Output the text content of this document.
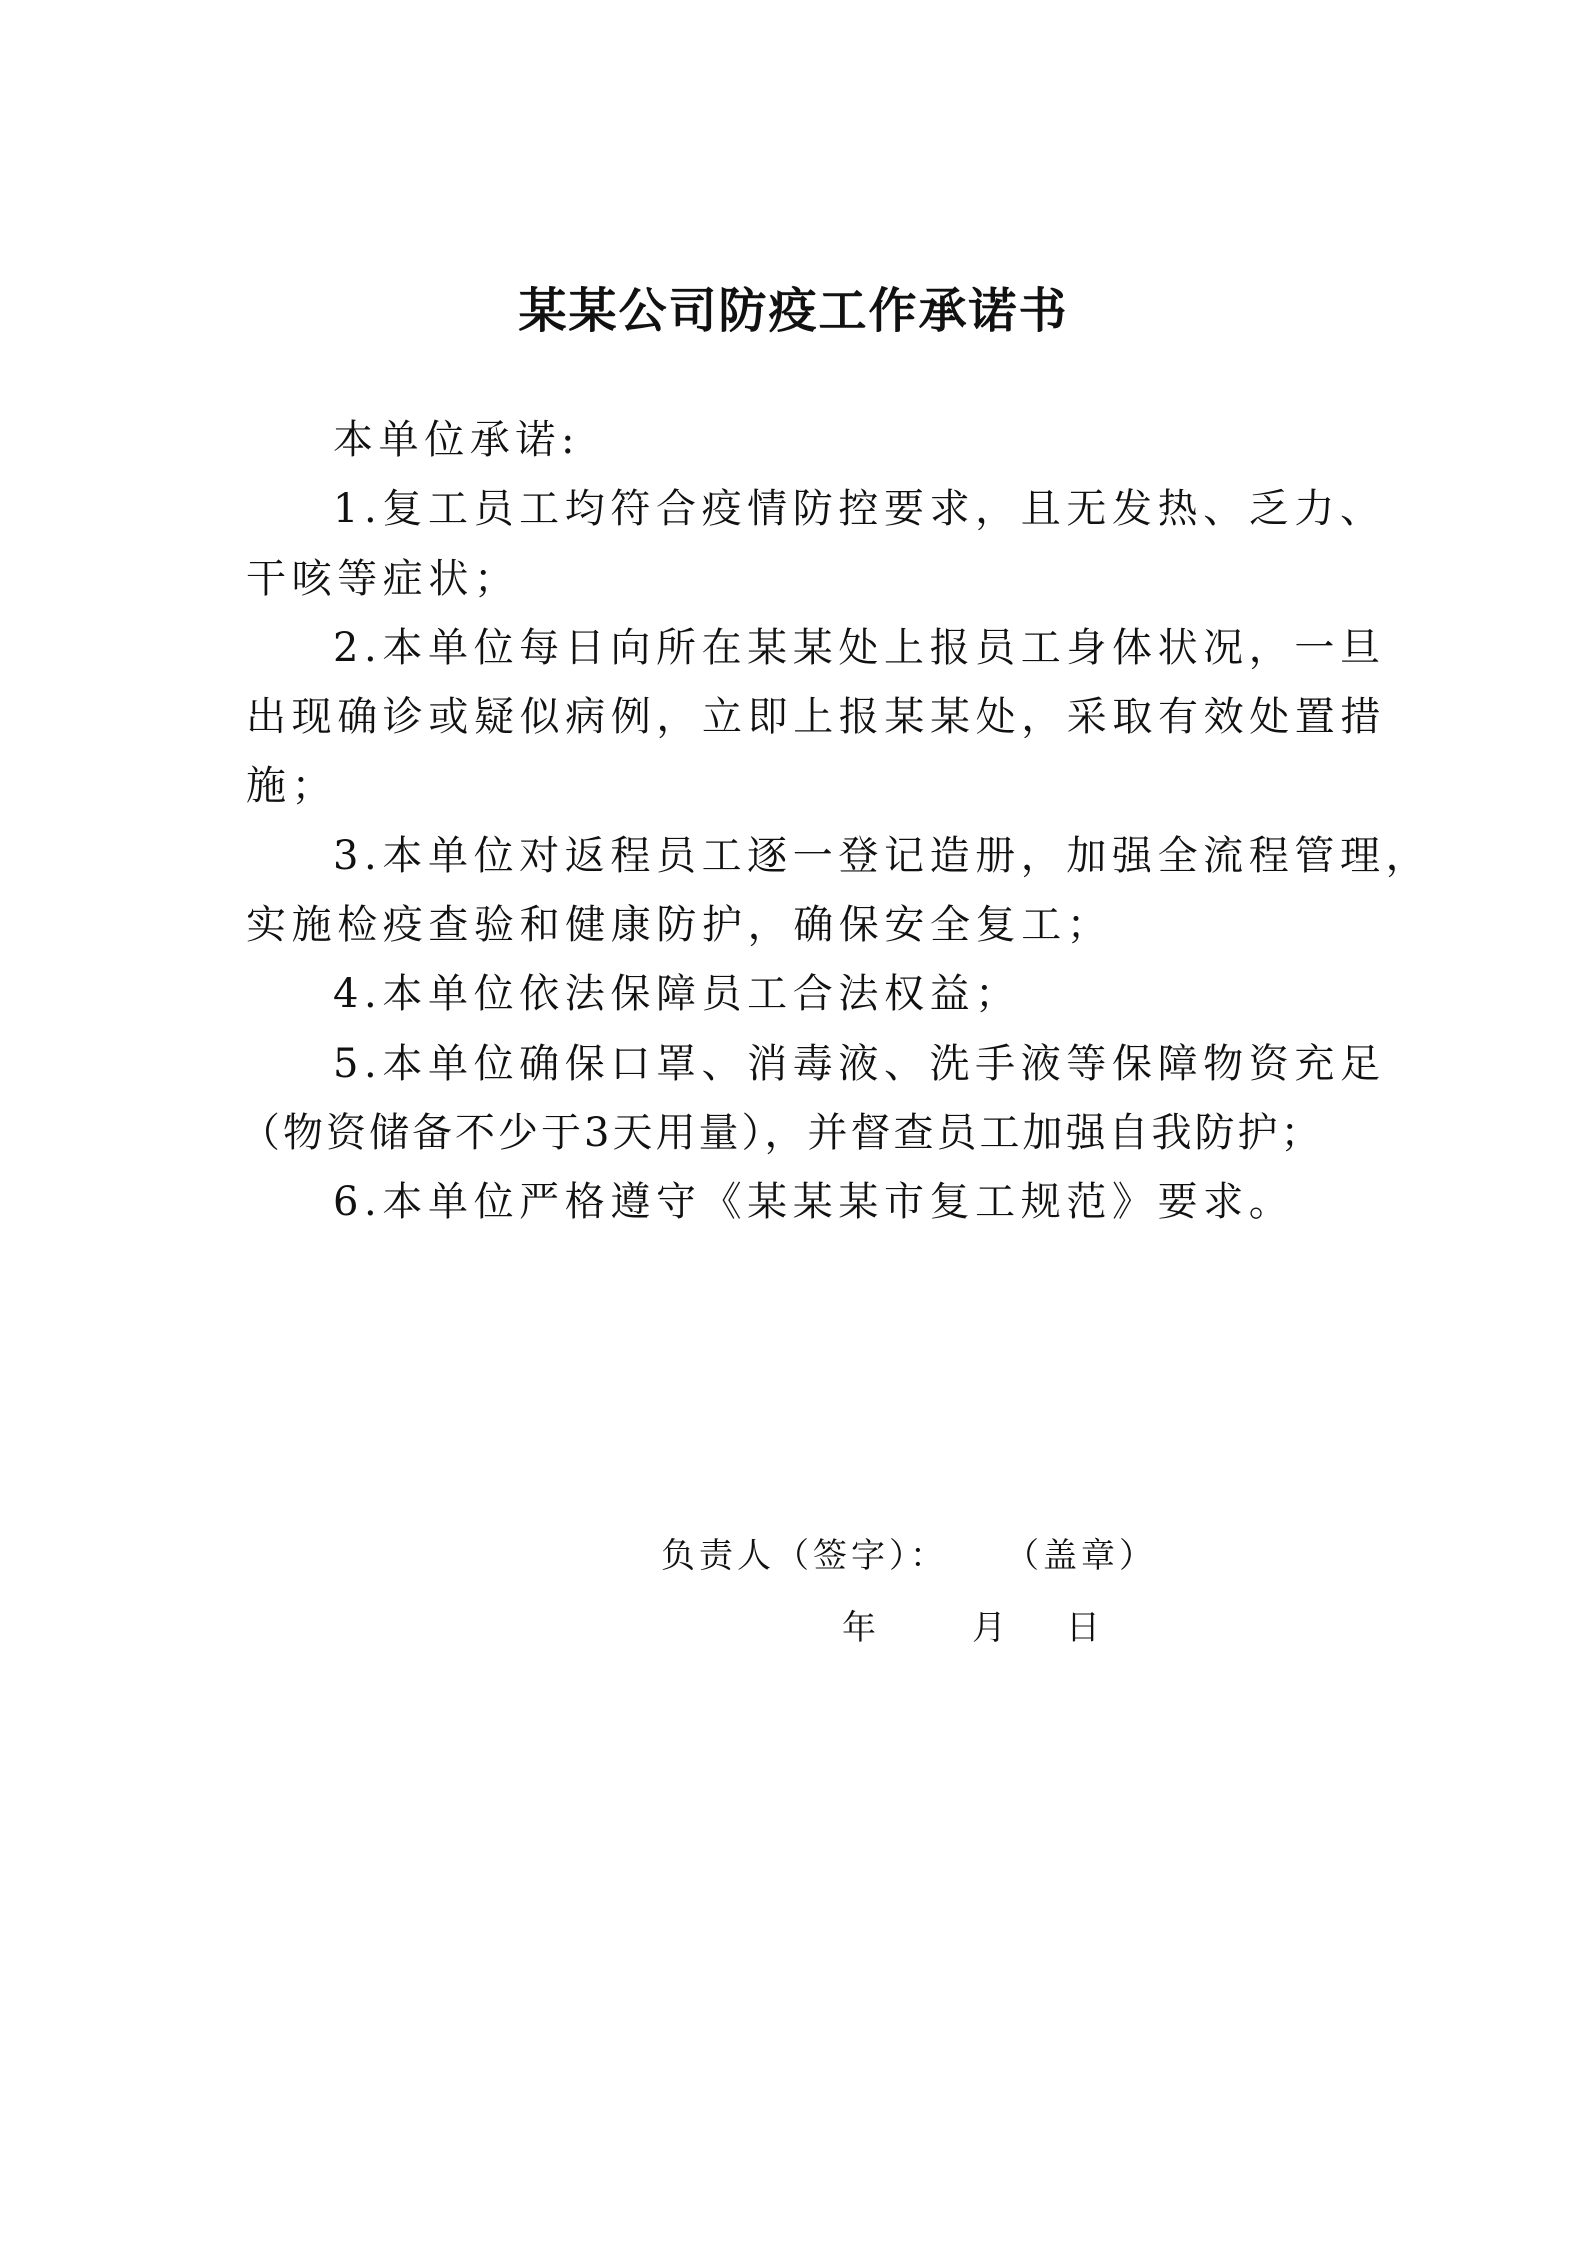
某某公司防疫工作承诺书
本单位承诺:
1.复工员工均符合疫情防控要求，且无发热、乏力、
干咳等症状；
2.本单位每日向所在某某处上报员工身体状况，一旦
出现确诊或疑似病例，立即上报某某处，采取有效处置措
施；
3.本单位对返程员工逐一登记造册，加强全流程管理，
实施检疫查验和健康防护，确保安全复工；
4.本单位依法保障员工合法权益；
5.本单位确保口罩、消毒液、洗手液等保障物资充足
（物资储备不少于3天用量），并督查员工加强自我防护；
6.本单位严格遵守《某某某市复工规范》要求。
负责人（签字）： （盖章）
年	月 日
